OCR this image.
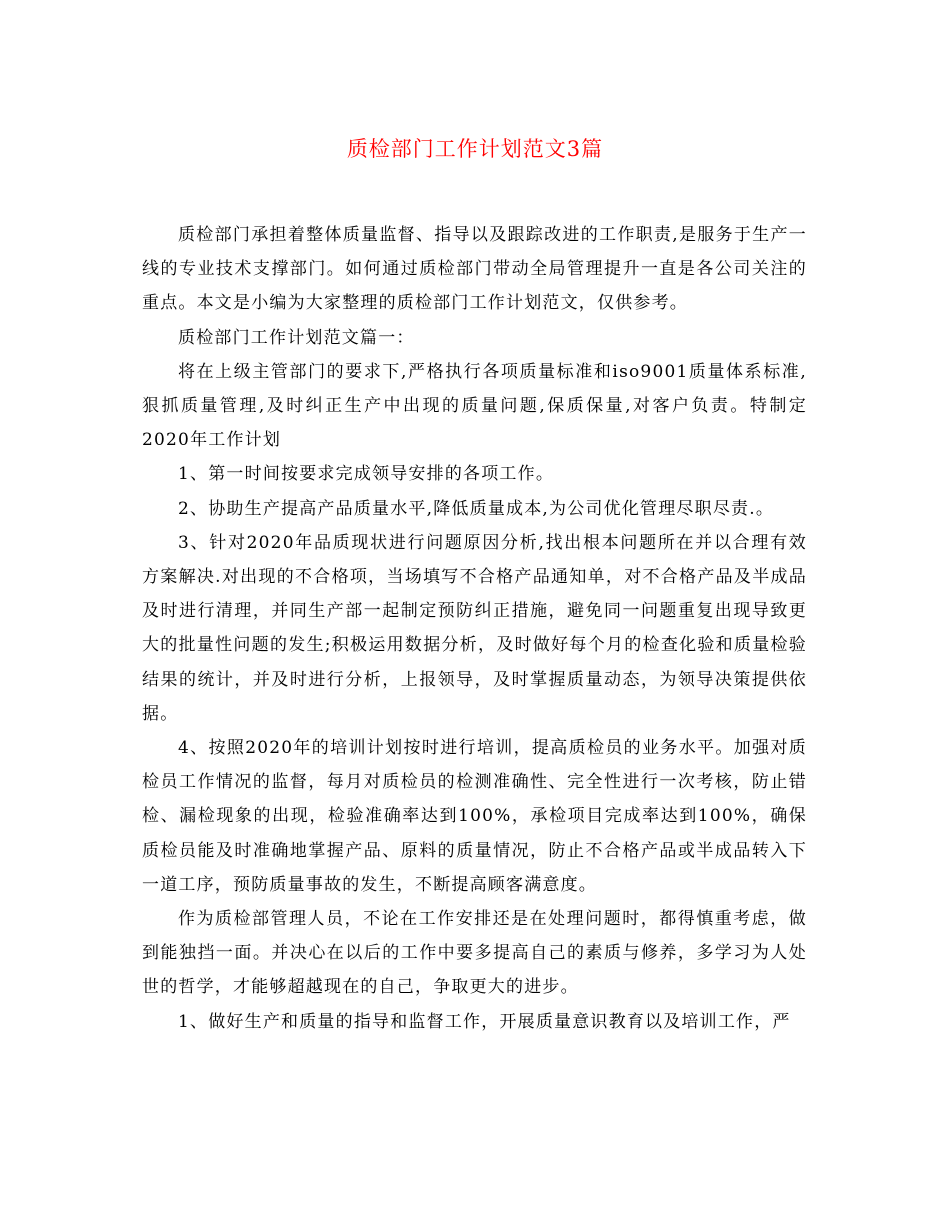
质检部门工作计划范文3篇

质检部门承担着整体质量监督、指导以及跟踪改进的工作职责,是服务于生产一线的专业技术支撑部门。如何通过质检部门带动全局管理提升一直是各公司关注的重点。本文是小编为大家整理的质检部门工作计划范文，仅供参考。

质检部门工作计划范文篇一：

将在上级主管部门的要求下,严格执行各项质量标准和iso9001质量体系标准,狠抓质量管理,及时纠正生产中出现的质量问题,保质保量,对客户负责。特制定2020年工作计划

1、第一时间按要求完成领导安排的各项工作。

2、协助生产提高产品质量水平,降低质量成本,为公司优化管理尽职尽责.。

3、针对2020年品质现状进行问题原因分析,找出根本问题所在并以合理有效方案解决.对出现的不合格项，当场填写不合格产品通知单，对不合格产品及半成品及时进行清理，并同生产部一起制定预防纠正措施，避免同一问题重复出现导致更大的批量性问题的发生;积极运用数据分析，及时做好每个月的检查化验和质量检验结果的统计，并及时进行分析，上报领导，及时掌握质量动态，为领导决策提供依据。

4、按照2020年的培训计划按时进行培训，提高质检员的业务水平。加强对质检员工作情况的监督，每月对质检员的检测准确性、完全性进行一次考核，防止错检、漏检现象的出现，检验准确率达到100%，承检项目完成率达到100%，确保质检员能及时准确地掌握产品、原料的质量情况，防止不合格产品或半成品转入下一道工序，预防质量事故的发生，不断提高顾客满意度。

作为质检部管理人员，不论在工作安排还是在处理问题时，都得慎重考虑，做到能独挡一面。并决心在以后的工作中要多提高自己的素质与修养，多学习为人处世的哲学，才能够超越现在的自己，争取更大的进步。

1、做好生产和质量的指导和监督工作，开展质量意识教育以及培训工作，严
